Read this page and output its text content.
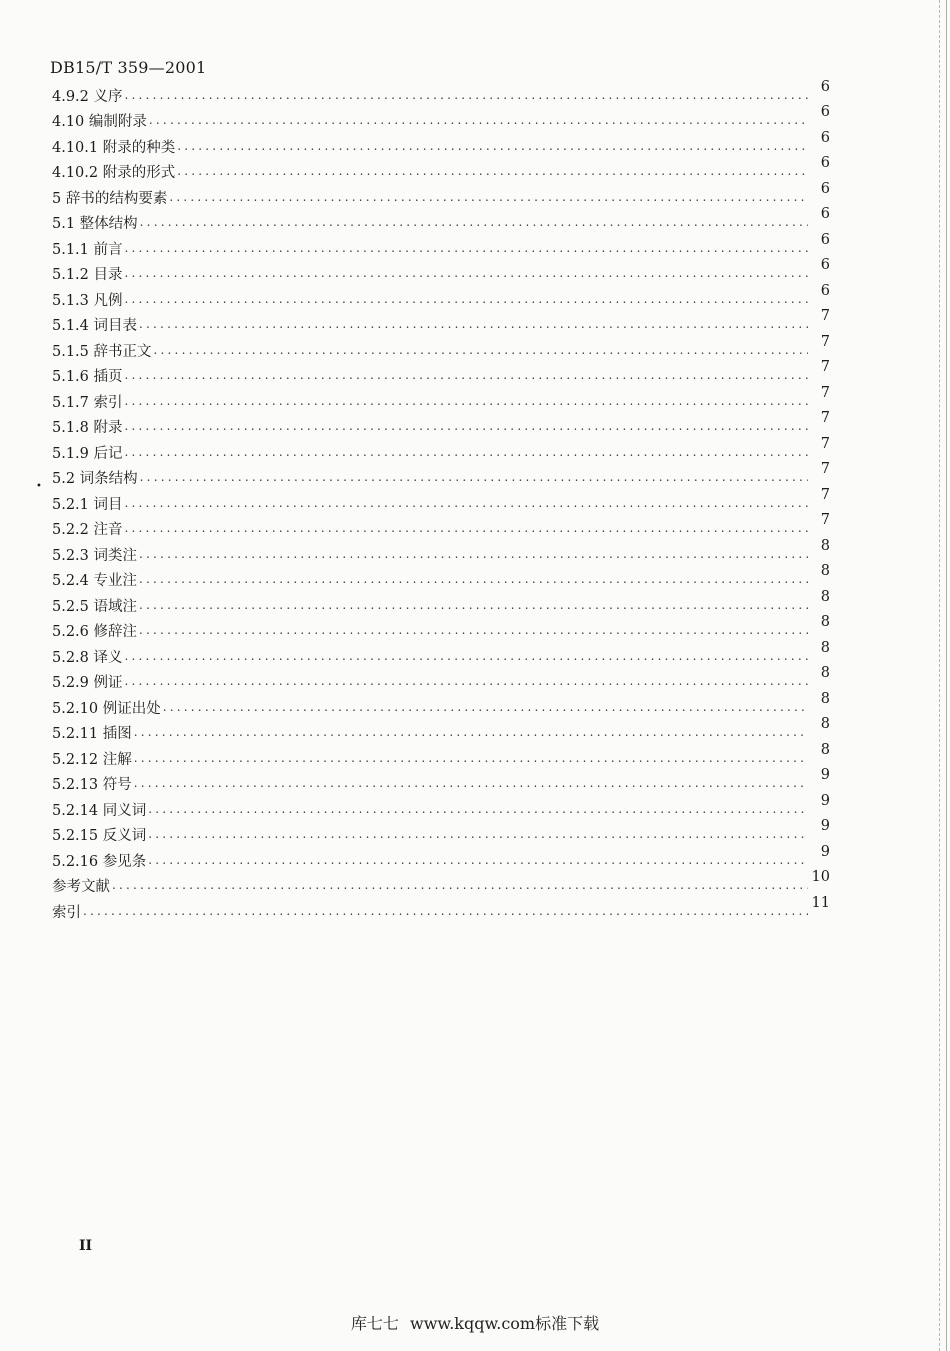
DB15/T 359—2001
•
4.9.2 义序
.....
6
4.10 编制附录
.....
6
4.10.1 附录的种类
.....
6
4.10.2 附录的形式
.....
6
5 辞书的结构要素
.....
6
5.1 整体结构
.....
6
5.1.1 前言
.....
6
5.1.2 目录
.....
6
5.1.3 凡例
.....
6
5.1.4 词目表
.....
7
5.1.5 辞书正文
.....
7
5.1.6 插页
.....
7
5.1.7 索引
.....
7
5.1.8 附录
.....
7
5.1.9 后记
.....
7
5.2 词条结构
.....
7
5.2.1 词目
.....
7
5.2.2 注音
.....
7
5.2.3 词类注
.....
8
5.2.4 专业注
.....
8
5.2.5 语域注
.....
8
5.2.6 修辞注
.....
8
5.2.8 译义
.....
8
5.2.9 例证
.....
8
5.2.10 例证出处
.....
8
5.2.11 插图
.....
8
5.2.12 注解
.....
8
5.2.13 符号
.....
9
5.2.14 同义词
.....
9
5.2.15 反义词
.....
9
5.2.16 参见条
.....
9
参考文献
.....
10
索引
.....
11
II
库七七 www.kqqw.com标准下载
